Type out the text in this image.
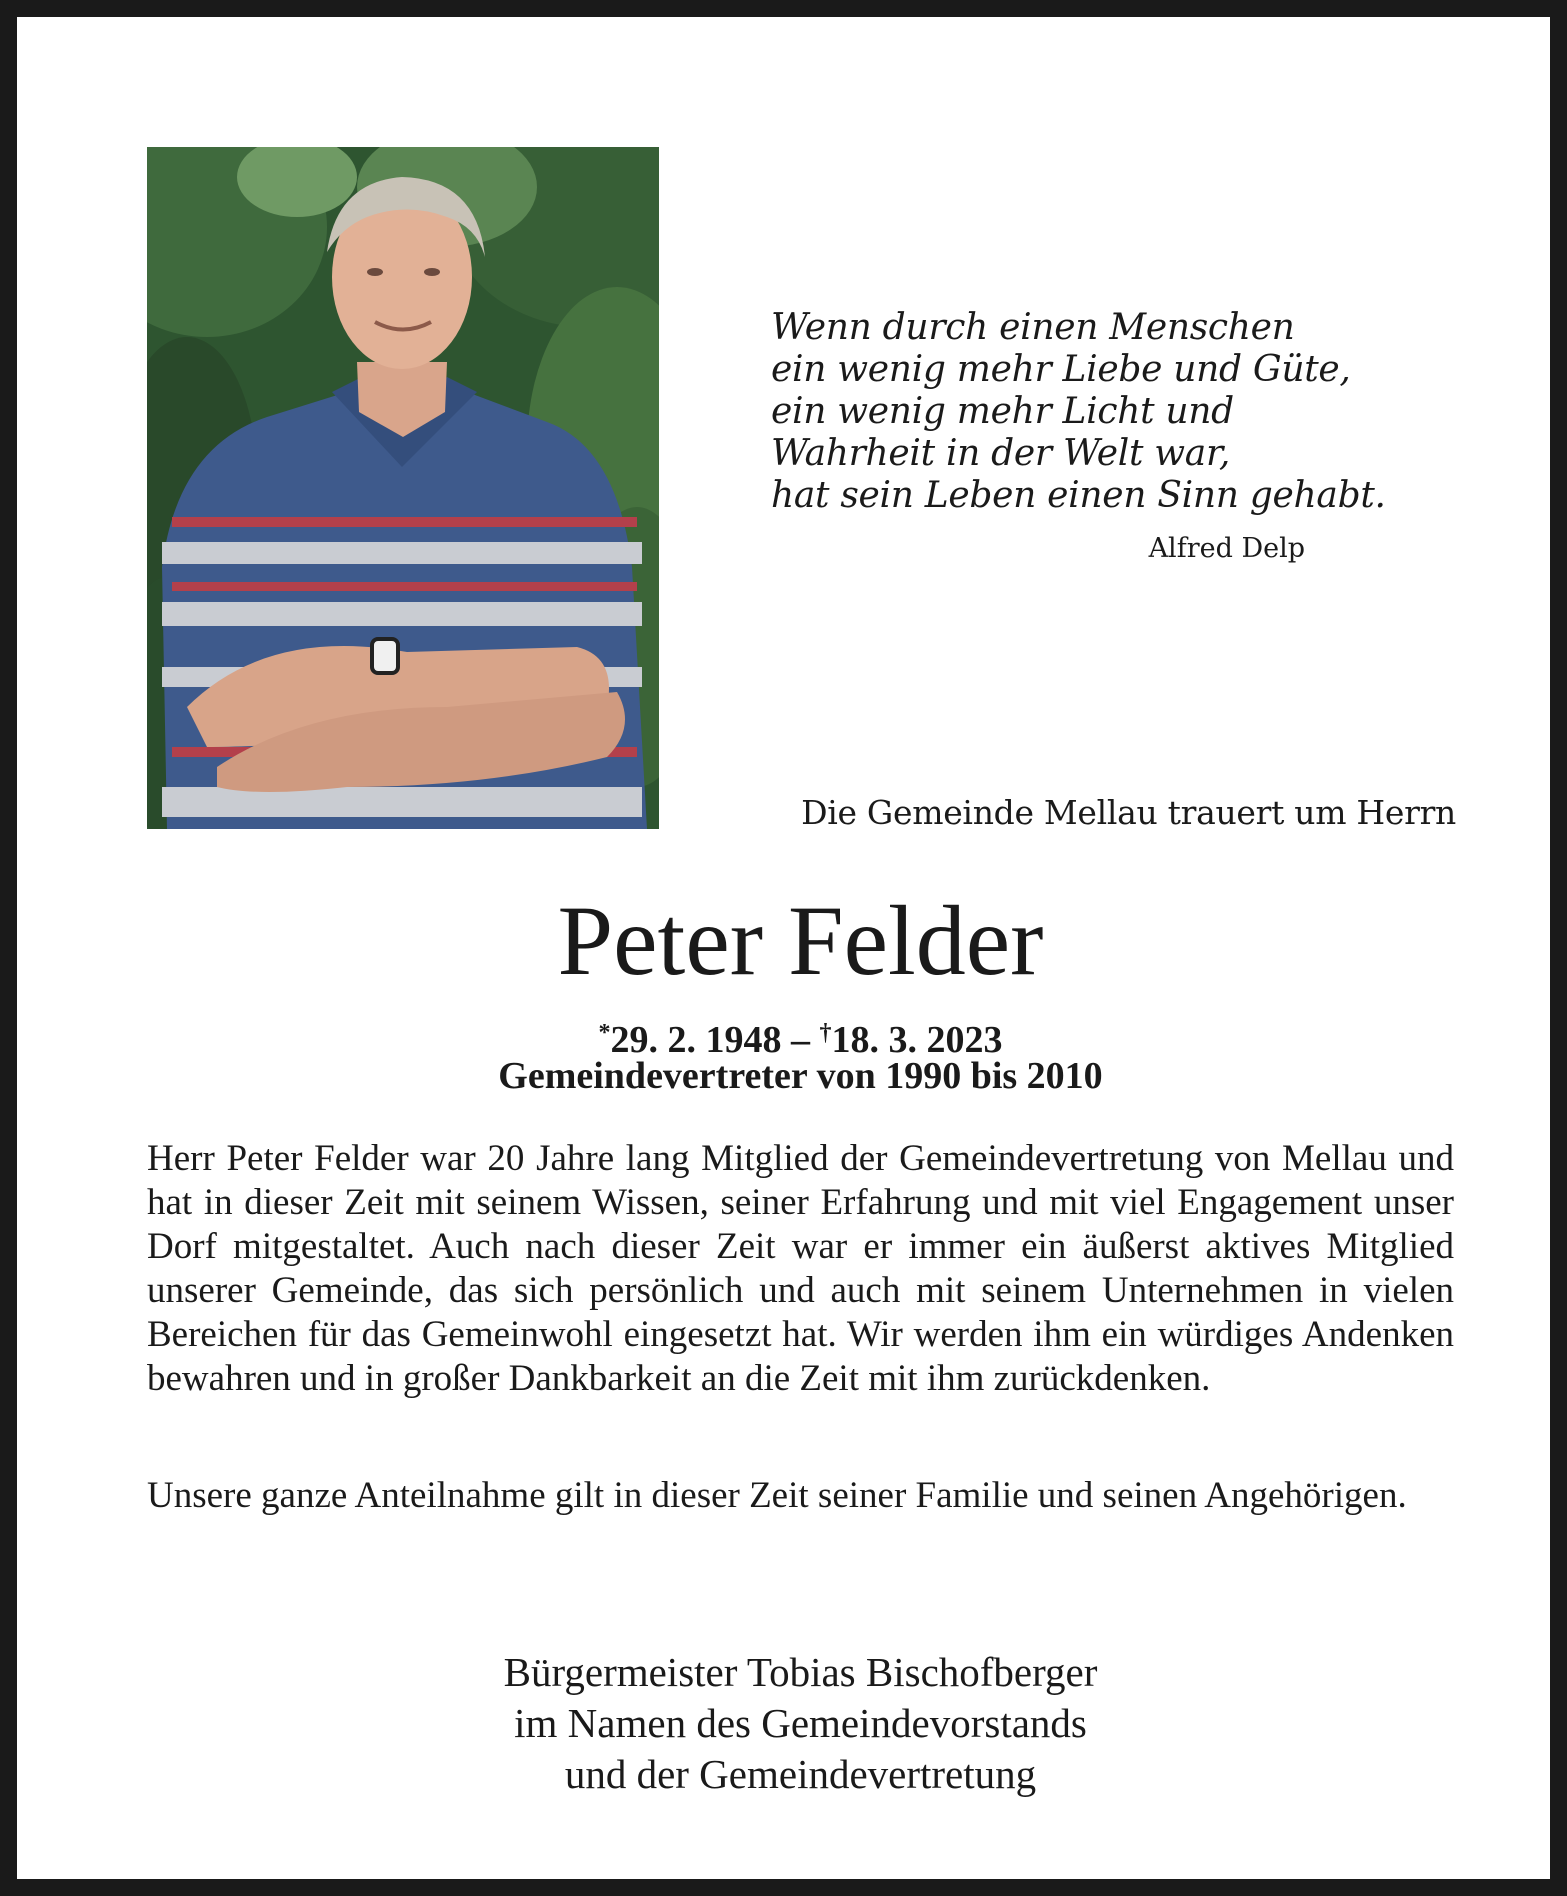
Wenn durch einen Menschen
ein wenig mehr Liebe und Güte,
ein wenig mehr Licht und
Wahrheit in der Welt war,
hat sein Leben einen Sinn gehabt.
Alfred Delp
Die Gemeinde Mellau trauert um Herrn
Peter Felder
*29. 2. 1948 – †18. 3. 2023
Gemeindevertreter von 1990 bis 2010

Herr Peter Felder war 20 Jahre lang Mitglied der Gemeindevertretung von Mellau und hat in dieser Zeit mit seinem Wissen, seiner Erfahrung und mit viel Engagement unser Dorf mitgestaltet. Auch nach dieser Zeit war er immer ein äußerst aktives Mitglied unserer Gemeinde, das sich persönlich und auch mit seinem Unternehmen in vielen Bereichen für das Gemeinwohl eingesetzt hat. Wir werden ihm ein würdiges Andenken bewahren und in großer Dankbarkeit an die Zeit mit ihm zurückdenken.

Unsere ganze Anteilnahme gilt in dieser Zeit seiner Familie und seinen Angehörigen.

Bürgermeister Tobias Bischofberger
im Namen des Gemeindevorstands
und der Gemeindevertretung
